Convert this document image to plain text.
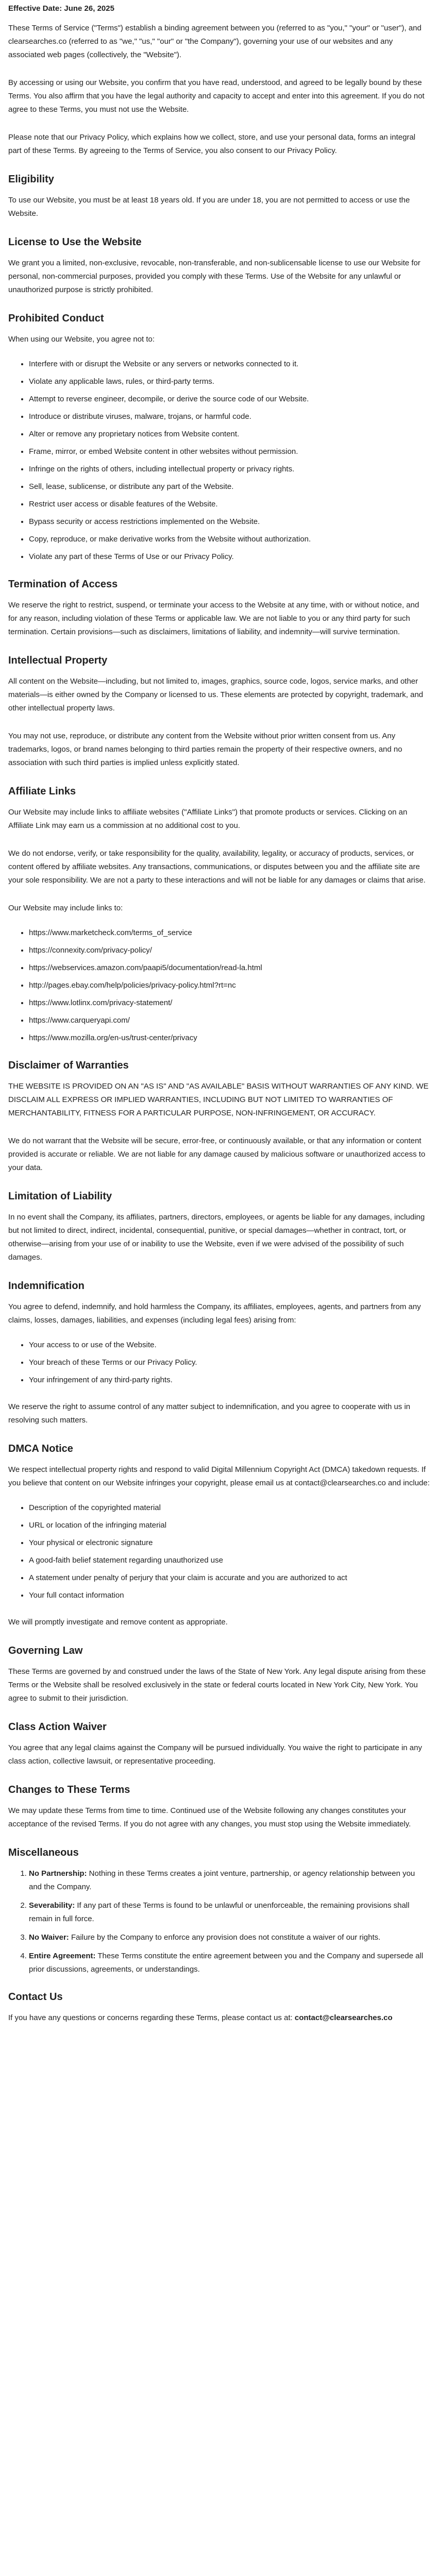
Effective Date: June 26, 2025

These Terms of Service ("Terms") establish a binding agreement between you (referred to as "you," "your" or "user"), and clearsearches.co (referred to as "we," "us," "our" or "the Company"), governing your use of our websites and any associated web pages (collectively, the "Website").

By accessing or using our Website, you confirm that you have read, understood, and agreed to be legally bound by these Terms. You also affirm that you have the legal authority and capacity to accept and enter into this agreement. If you do not agree to these Terms, you must not use the Website.

Please note that our Privacy Policy, which explains how we collect, store, and use your personal data, forms an integral part of these Terms. By agreeing to the Terms of Service, you also consent to our Privacy Policy.

Eligibility

To use our Website, you must be at least 18 years old. If you are under 18, you are not permitted to access or use the Website.

License to Use the Website

We grant you a limited, non-exclusive, revocable, non-transferable, and non-sublicensable license to use our Website for personal, non-commercial purposes, provided you comply with these Terms. Use of the Website for any unlawful or unauthorized purpose is strictly prohibited.

Prohibited Conduct

When using our Website, you agree not to:

• Interfere with or disrupt the Website or any servers or networks connected to it.
• Violate any applicable laws, rules, or third-party terms.
• Attempt to reverse engineer, decompile, or derive the source code of our Website.
• Introduce or distribute viruses, malware, trojans, or harmful code.
• Alter or remove any proprietary notices from Website content.
• Frame, mirror, or embed Website content in other websites without permission.
• Infringe on the rights of others, including intellectual property or privacy rights.
• Sell, lease, sublicense, or distribute any part of the Website.
• Restrict user access or disable features of the Website.
• Bypass security or access restrictions implemented on the Website.
• Copy, reproduce, or make derivative works from the Website without authorization.
• Violate any part of these Terms of Use or our Privacy Policy.
Termination of Access

We reserve the right to restrict, suspend, or terminate your access to the Website at any time, with or without notice, and for any reason, including violation of these Terms or applicable law. We are not liable to you or any third party for such termination. Certain provisions—such as disclaimers, limitations of liability, and indemnity—will survive termination.

Intellectual Property

All content on the Website—including, but not limited to, images, graphics, source code, logos, service marks, and other materials—is either owned by the Company or licensed to us. These elements are protected by copyright, trademark, and other intellectual property laws.

You may not use, reproduce, or distribute any content from the Website without prior written consent from us. Any trademarks, logos, or brand names belonging to third parties remain the property of their respective owners, and no association with such third parties is implied unless explicitly stated.

Affiliate Links

Our Website may include links to affiliate websites ("Affiliate Links") that promote products or services. Clicking on an Affiliate Link may earn us a commission at no additional cost to you.

We do not endorse, verify, or take responsibility for the quality, availability, legality, or accuracy of products, services, or content offered by affiliate websites. Any transactions, communications, or disputes between you and the affiliate site are your sole responsibility. We are not a party to these interactions and will not be liable for any damages or claims that arise.

Our Website may include links to:

• https://www.marketcheck.com/terms_of_service
• https://connexity.com/privacy-policy/
• https://webservices.amazon.com/paapi5/documentation/read-la.html
• http://pages.ebay.com/help/policies/privacy-policy.html?rt=nc
• https://www.lotlinx.com/privacy-statement/
• https://www.carqueryapi.com/
• https://www.mozilla.org/en-us/trust-center/privacy
Disclaimer of Warranties

THE WEBSITE IS PROVIDED ON AN "AS IS" AND "AS AVAILABLE" BASIS WITHOUT WARRANTIES OF ANY KIND. WE DISCLAIM ALL EXPRESS OR IMPLIED WARRANTIES, INCLUDING BUT NOT LIMITED TO WARRANTIES OF MERCHANTABILITY, FITNESS FOR A PARTICULAR PURPOSE, NON-INFRINGEMENT, OR ACCURACY.

We do not warrant that the Website will be secure, error-free, or continuously available, or that any information or content provided is accurate or reliable. We are not liable for any damage caused by malicious software or unauthorized access to your data.

Limitation of Liability

In no event shall the Company, its affiliates, partners, directors, employees, or agents be liable for any damages, including but not limited to direct, indirect, incidental, consequential, punitive, or special damages—whether in contract, tort, or otherwise—arising from your use of or inability to use the Website, even if we were advised of the possibility of such damages.

Indemnification

You agree to defend, indemnify, and hold harmless the Company, its affiliates, employees, agents, and partners from any claims, losses, damages, liabilities, and expenses (including legal fees) arising from:

• Your access to or use of the Website.
• Your breach of these Terms or our Privacy Policy.
• Your infringement of any third-party rights.

We reserve the right to assume control of any matter subject to indemnification, and you agree to cooperate with us in resolving such matters.

DMCA Notice

We respect intellectual property rights and respond to valid Digital Millennium Copyright Act (DMCA) takedown requests. If you believe that content on our Website infringes your copyright, please email us at contact@clearsearches.co and include:

• Description of the copyrighted material
• URL or location of the infringing material
• Your physical or electronic signature
• A good-faith belief statement regarding unauthorized use
• A statement under penalty of perjury that your claim is accurate and you are authorized to act
• Your full contact information

We will promptly investigate and remove content as appropriate.

Governing Law

These Terms are governed by and construed under the laws of the State of New York. Any legal dispute arising from these Terms or the Website shall be resolved exclusively in the state or federal courts located in New York City, New York. You agree to submit to their jurisdiction.

Class Action Waiver

You agree that any legal claims against the Company will be pursued individually. You waive the right to participate in any class action, collective lawsuit, or representative proceeding.

Changes to These Terms

We may update these Terms from time to time. Continued use of the Website following any changes constitutes your acceptance of the revised Terms. If you do not agree with any changes, you must stop using the Website immediately.

Miscellaneous
1. No Partnership: Nothing in these Terms creates a joint venture, partnership, or agency relationship between you and the Company.
2. Severability: If any part of these Terms is found to be unlawful or unenforceable, the remaining provisions shall remain in full force.
3. No Waiver: Failure by the Company to enforce any provision does not constitute a waiver of our rights.
4. Entire Agreement: These Terms constitute the entire agreement between you and the Company and supersede all prior discussions, agreements, or understandings.
Contact Us

If you have any questions or concerns regarding these Terms, please contact us at: contact@clearsearches.co
